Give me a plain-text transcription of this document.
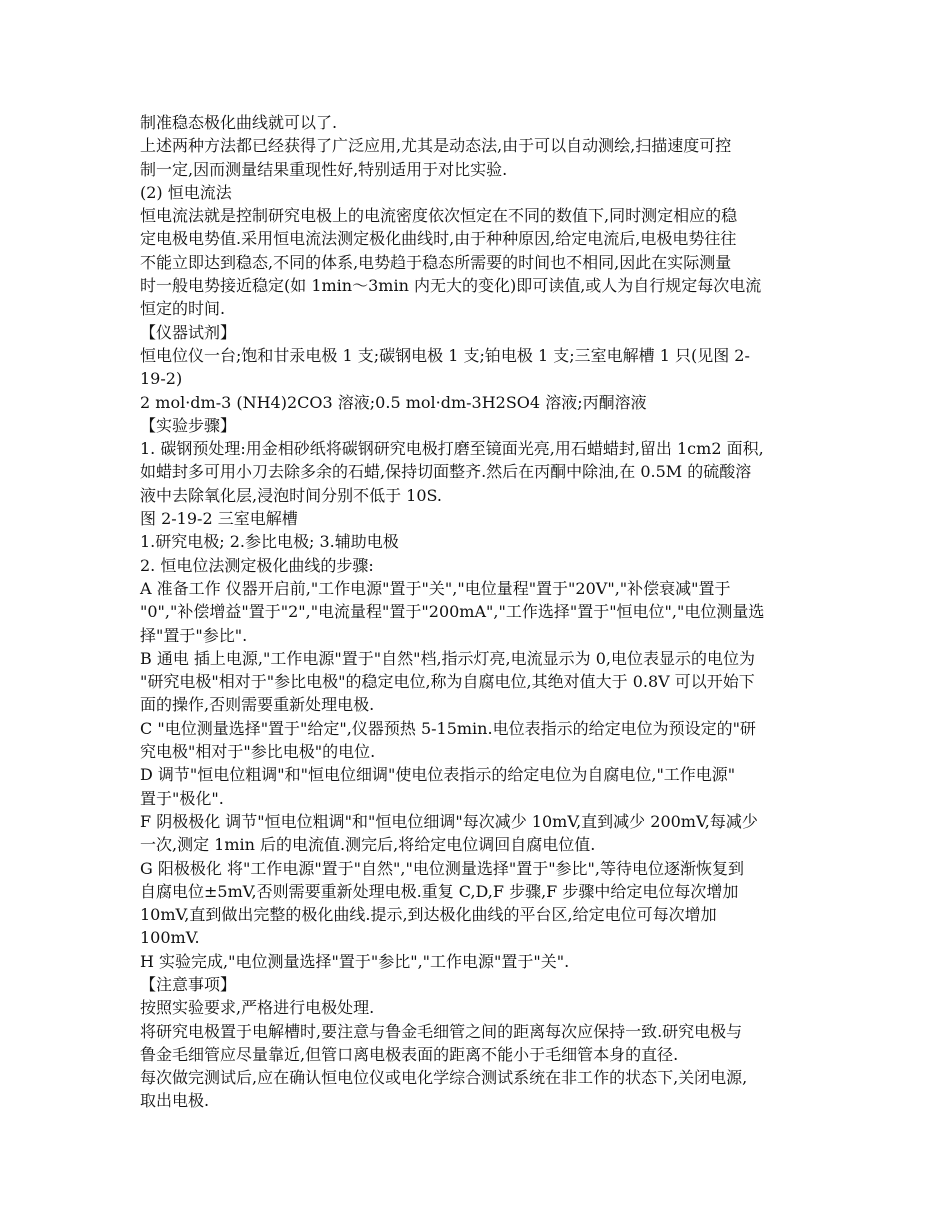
制准稳态极化曲线就可以了.

上述两种方法都已经获得了广泛应用,尤其是动态法,由于可以自动测绘,扫描速度可控

制一定,因而测量结果重现性好,特别适用于对比实验.

(2) 恒电流法

恒电流法就是控制研究电极上的电流密度依次恒定在不同的数值下,同时测定相应的稳

定电极电势值.采用恒电流法测定极化曲线时,由于种种原因,给定电流后,电极电势往往

不能立即达到稳态,不同的体系,电势趋于稳态所需要的时间也不相同,因此在实际测量

时一般电势接近稳定(如 1min～3min 内无大的变化)即可读值,或人为自行规定每次电流

恒定的时间.

【仪器试剂】

恒电位仪一台;饱和甘汞电极 1 支;碳钢电极 1 支;铂电极 1 支;三室电解槽 1 只(见图 2-

19-2)

2 mol·dm-3 (NH4)2CO3 溶液;0.5 mol·dm-3H2SO4 溶液;丙酮溶液

【实验步骤】

1. 碳钢预处理:用金相砂纸将碳钢研究电极打磨至镜面光亮,用石蜡蜡封,留出 1cm2 面积,

如蜡封多可用小刀去除多余的石蜡,保持切面整齐.然后在丙酮中除油,在 0.5M 的硫酸溶

液中去除氧化层,浸泡时间分别不低于 10S.

图 2-19-2 三室电解槽

1.研究电极; 2.参比电极; 3.辅助电极

2. 恒电位法测定极化曲线的步骤:

A 准备工作 仪器开启前,"工作电源"置于"关","电位量程"置于"20V","补偿衰减"置于

"0","补偿增益"置于"2","电流量程"置于"200mA","工作选择"置于"恒电位","电位测量选

择"置于"参比".

B 通电 插上电源,"工作电源"置于"自然"档,指示灯亮,电流显示为 0,电位表显示的电位为

"研究电极"相对于"参比电极"的稳定电位,称为自腐电位,其绝对值大于 0.8V 可以开始下

面的操作,否则需要重新处理电极.

C "电位测量选择"置于"给定",仪器预热 5-15min.电位表指示的给定电位为预设定的"研

究电极"相对于"参比电极"的电位.

D 调节"恒电位粗调"和"恒电位细调"使电位表指示的给定电位为自腐电位,"工作电源"

置于"极化".

F 阴极极化 调节"恒电位粗调"和"恒电位细调"每次减少 10mV,直到减少 200mV,每减少

一次,测定 1min 后的电流值.测完后,将给定电位调回自腐电位值.

G 阳极极化 将"工作电源"置于"自然","电位测量选择"置于"参比",等待电位逐渐恢复到

自腐电位±5mV,否则需要重新处理电极.重复 C,D,F 步骤,F 步骤中给定电位每次增加

10mV,直到做出完整的极化曲线.提示,到达极化曲线的平台区,给定电位可每次增加

100mV.

H 实验完成,"电位测量选择"置于"参比","工作电源"置于"关".

【注意事项】

按照实验要求,严格进行电极处理.

将研究电极置于电解槽时,要注意与鲁金毛细管之间的距离每次应保持一致.研究电极与

鲁金毛细管应尽量靠近,但管口离电极表面的距离不能小于毛细管本身的直径.

每次做完测试后,应在确认恒电位仪或电化学综合测试系统在非工作的状态下,关闭电源,

取出电极.
